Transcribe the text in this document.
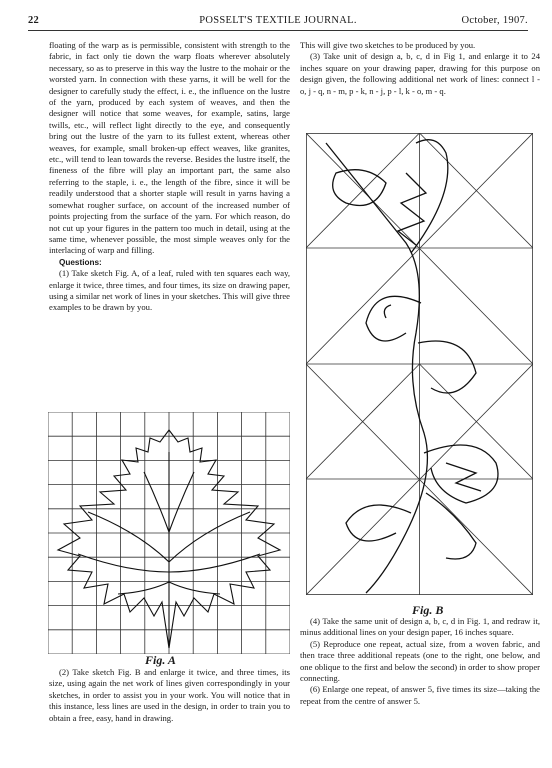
22	POSSELT'S TEXTILE JOURNAL.	October, 1907.

floating of the warp as is permissible, consistent with strength to the fabric, in fact only tie down the warp floats wherever absolutely necessary, so as to preserve in this way the lustre to the mohair or the worsted yarn. In connection with these yarns, it will be well for the designer to carefully study the effect, i. e., the influence on the lustre of the yarn, produced by each system of weaves, and then the designer will notice that some weaves, for example, satins, large twills, etc., will reflect light directly to the eye, and consequently bring out the lustre of the yarn to its fullest extent, whereas other weaves, for example, small broken-up effect weaves, like granites, etc., will tend to lean towards the reverse. Besides the lustre itself, the fineness of the fibre will play an important part, the same also referring to the staple, i. e., the length of the fibre, since it will be readily understood that a shorter staple will result in yarns having a somewhat rougher surface, on account of the increased number of points projecting from the surface of the yarn. For which reason, do not cut up your figures in the pattern too much in detail, using at the same time, whenever possible, the most simple weaves only for the interlacing of warp and filling.

Questions:

(1) Take sketch Fig. A, of a leaf, ruled with ten squares each way, enlarge it twice, three times, and four times, its size on drawing paper, using a similar net work of lines in your sketches. This will give three examples to be drawn by you.

Fig. A

(2) Take sketch Fig. B and enlarge it twice, and three times, its size, using again the net work of lines given correspondingly in your sketches, in order to assist you in your work. You will notice that in this instance, less lines are used in the design, in order to train you to obtain a free, easy, hand in drawing.

This will give two sketches to be produced by you.

(3) Take unit of design a, b, c, d in Fig 1, and enlarge it to 24 inches square on your drawing paper, drawing for this purpose on design given, the following additional net work of lines: connect l - o, j - q, n - m, p - k, n - j, p - l, k - o, m - q.

Fig. B

(4) Take the same unit of design a, b, c, d in Fig. 1, and redraw it, minus additional lines on your design paper, 16 inches square.

(5) Reproduce one repeat, actual size, from a woven fabric, and then trace three additional repeats (one to the right, one below, and one oblique to the first and below the second) in order to show proper connecting.

(6) Enlarge one repeat, of answer 5, five times its size—taking the repeat from the centre of answer 5.
